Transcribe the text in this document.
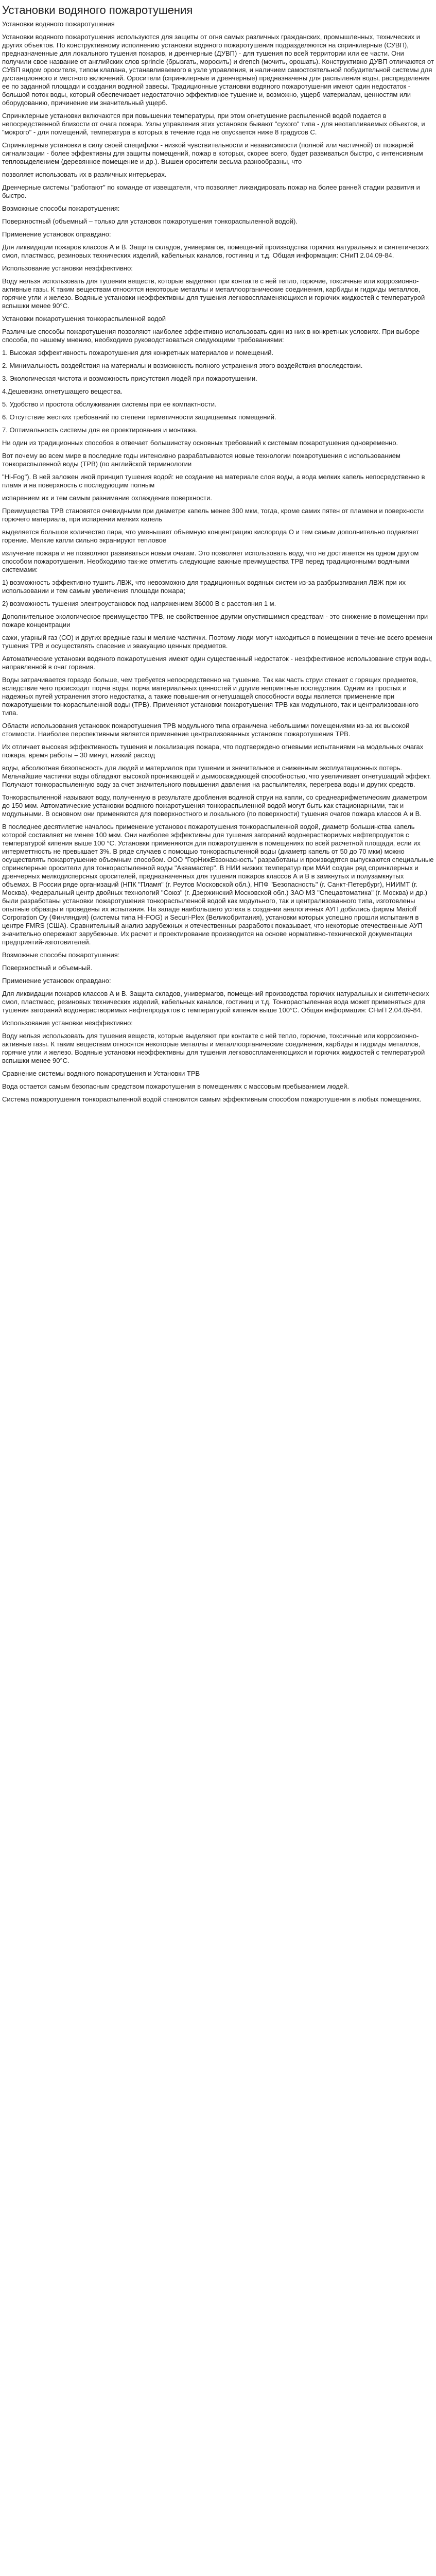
Установки водяного пожаротушения

Установки водяного пожаротушения

Установки водяного пожаротушения используются для защиты от огня самых различных гражданских, промышленных, технических и других объектов. По конструктивному исполнению установки водяного пожаротушения подразделяются на спринклерные (СУВП), предназначенные для локального тушения пожаров, и дренчерные (ДУВП) - для тушения по всей территории или ее части. Они получили свое название от английских слов sprincle (брызгать, моросить) и drench (мочить, орошать). Конструктивно ДУВП отличаются от СУВП видом оросителя, типом клапана, устанавливаемого в узле управления, и наличием самостоятельной побудительной системы для дистанционного и местного включений. Оросители (спринклерные и дренчерные) предназначены для распыления воды, распределения ее по заданной площади и создания водяной завесы. Традиционные установки водяного пожаротушения имеют один недостаток - большой поток воды, который обеспечивает недостаточно эффективное тушение и, возможно, ущерб материалам, ценностям или оборудованию, причинение им значительный ущерб.

Спринклерные установки включаются при повышении температуры, при этом огнетушение распыленной водой подается в непосредственной близости от очага пожара. Узлы управления этих установок бывают "сухого" типа - для неотапливаемых объектов, и "мокрого" - для помещений, температура в которых в течение года не опускается ниже 8 градусов С.

Спринклерные установки в силу своей специфики - низкой чувствительности и независимости (полной или частичной) от пожарной сигнализации - более эффективны для защиты помещений, пожар в которых, скорее всего, будет развиваться быстро, с интенсивным тепловыделением (деревянное помещение и др.). Вышеи оросители весьма разнообразны, что

позволяет использовать их в различных интерьерах.

Дренчерные системы "работают" по команде от извещателя, что позволяет ликвидировать пожар на более ранней стадии развития и быстро.

Возможные способы пожаротушения:

Поверхностный (объемный – только для установок пожаротушения тонкораспыленной водой).

Применение установок оправдано:

Для ликвидации пожаров классов А и В. Защита складов, универмагов, помещений производства горючих натуральных и синтетических смол, пластмасс, резиновых технических изделий, кабельных каналов, гостиниц и т.д. Общая информация: СНиП 2.04.09-84.

Использование установки неэффективно:

Воду нельзя использовать для тушения веществ, которые выделяют при контакте с ней тепло, горючие, токсичные или коррозионно-активные газы. К таким веществам относятся некоторые металлы и металлоорганические соединения, карбиды и гидриды металлов, горячие угли и железо. Водяные установки неэффективны для тушения легковоспламеняющихся и горючих жидкостей с температурой вспышки менее 90°С.

Установки пожаротушения тонкораспыленной водой

Различные способы пожаротушения позволяют наиболее эффективно использовать один из них в конкретных условиях. При выборе способа, по нашему мнению, необходимо руководствоваться следующими требованиями:

1. Высокая эффективность пожаротушения для конкретных материалов и помещений.

2. Минимальность воздействия на материалы и возможность полного устранения этого воздействия впоследствии.

3. Экологическая чистота и возможность присутствия людей при пожаротушении.

4.Дешевизна огнетушащего вещества.

5. Удобство и простота обслуживания системы при ее компактности.

6. Отсутствие жестких требований по степени герметичности защищаемых помещений.

7. Оптимальность системы для ее проектирования и монтажа.

Ни один из традиционных способов в отвечает большинству основных требований к системам пожаротушения одновременно.

Вот почему во всем мире в последние годы интенсивно разрабатываются новые технологии пожаротушения с использованием тонкораспыленной воды (ТРВ) (по английской терминологии

"Hi-Fog"). В ней заложен иной принцип тушения водой: не создание на материале слоя воды, а вода мелких капель непосредственно в пламя и на поверхность с последующим полным

испарением их и тем самым разнимание охлаждение поверхности.

Преимущества ТРВ становятся очевидными при диаметре капель менее 300 мкм, тогда, кроме самих пятен от пламени и поверхности горючего материала, при испарении мелких капель

выделяется большое количество пара, что уменьшает объемную концентрацию кислорода О и тем самым дополнительно подавляет горение. Мелкие капли сильно экранируют тепловое

излучение пожара и не позволяют развиваться новым очагам. Это позволяет использовать воду, что не достигается на одном другом способом пожаротушения. Необходимо так-же отметить следующие важные преимущества ТРВ перед традиционными водяными системами:

1) возможность эффективно тушить ЛВЖ, что невозможно для традиционных водяных систем из-за разбрызгивания ЛВЖ при их использовании и тем самым увеличения площади пожара;

2) возможность тушения электроустановок под напряжением 36000 В с расстояния 1 м.

Дополнительное экологическое преимущество ТРВ, не свойственное другим опустившимся средствам - это снижение в помещении при пожаре концентрации

сажи, угарный газ (СО) и других вредные газы и мелкие частички. Поэтому люди могут находиться в помещении в течение всего времени тушения ТРВ и осуществлять спасение и эвакуацию ценных предметов.

Автоматические установки водяного пожаротушения имеют один существенный недостаток - неэффективное использование струи воды, направленной в очаг горения.

Воды затрачивается гораздо больше, чем требуется непосредственно на тушение. Так как часть струи стекает с горящих предметов, вследствие чего происходит порча воды, порча материальных ценностей и другие неприятные последствия. Одним из простых и надежных путей устранения этого недостатка, а также повышения огнетушащей способности воды является применение при пожаротушении тонкораспыленной воды (ТРВ). Применяют установки пожаротушения ТРВ как модульного, так и централизованного типа.

Области использования установок пожаротушения ТРВ модульного типа ограничена небольшими помещениями из-за их высокой стоимости. Наиболее перспективным является применение централизованных установок пожаротушения ТРВ.

Их отличает высокая эффективность тушения и локализация пожара, что подтверждено огневыми испытаниями на модельных очагах пожара, время работы – 30 минут, низкий расход

воды, абсолютная безопасность для людей и материалов при тушении и значительное и сниженным эксплуатационных потерь. Мельчайшие частички воды обладают высокой проникающей и дымоосаждающей способностью, что увеличивает огнетушащий эффект. Получают тонкораспыленную воду за счет значительного повышения давления на распылителях, перегрева воды и других средств.

Тонкораспыленной называют воду, полученную в результате дробления водяной струи на капли, со среднеарифметическим диаметром до 150 мкм. Автоматические установки водяного пожаротушения тонкораспыленной водой могут быть как стационарными, так и модульными. В основном они применяются для поверхностного и локального (по поверхности) тушения очагов пожара классов А и В.

В последнее десятилетие началось применение установок пожаротушения тонкораспыленной водой, диаметр большинства капель которой составляет не менее 100 мкм. Они наиболее эффективны для тушения загораний водонерастворимых нефтепродуктов с температурой кипения выше 100 °С. Установки применяются для пожаротушения в помещениях по всей расчетной площади, если их интерметтность не превышает 3%. В ряде случаев с помощью тонкораспыленной воды (диаметр капель от 50 до 70 мкм) можно осуществлять пожаротушение объемным способом. ООО "ГорНижЕвзонасность" разработаны и производятся выпускаются специальные спринклерные оросители для тонкораспыленной воды "Аквамастер". В НИИ низких температур при МАИ создан ряд спринклерных и дренчерных мелкодисперсных оросителей, предназначенных для тушения пожаров классов А и В в замкнутых и полузамкнутых объемах. В России ряде организаций (НПК "Пламя" (г. Реутов Московской обл.), НПФ "Безопасность" (г. Санкт-Петербург), НИИМТ (г. Москва), Федеральный центр двойных технологий "Союз" (г. Дзержинский Московской обл.) ЗАО МЗ "Спецавтоматика" (г. Москва) и др.) были разработаны установки пожаротушения тонкораспыленной водой как модульного, так и централизованного типа, изготовлены опытные образцы и проведены их испытания. На западе наибольшего успеха в создании аналогичных АУП добились фирмы Marioff Corporation Oy (Финляндия) (системы типа Hi-FOG) и Securi-Plex (Великобритания), установки которых успешно прошли испытания в центре FMRS (США). Сравнительный анализ зарубежных и отечественных разработок показывает, что некоторые отечественные АУП значительно опережают зарубежные. Их расчет и проектирование производится на основе нормативно-технической документации предприятий-изготовителей.

Возможные способы пожаротушения:

Поверхностный и объемный.

Применение установок оправдано:

Для ликвидации пожаров классов А и В. Защита складов, универмагов, помещений производства горючих натуральных и синтетических смол, пластмасс, резиновых технических изделий, кабельных каналов, гостиниц и т.д. Тонкораспыленная вода может применяться для тушения загораний водонерастворимых нефтепродуктов с температурой кипения выше 100°С. Общая информация: СНиП 2.04.09-84.

Использование установки неэффективно:

Воду нельзя использовать для тушения веществ, которые выделяют при контакте с ней тепло, горючие, токсичные или коррозионно-активные газы. К таким веществам относятся некоторые металлы и металлоорганические соединения, карбиды и гидриды металлов, горячие угли и железо. Водяные установки неэффективны для тушения легковоспламеняющихся и горючих жидкостей с температурой вспышки менее 90°С.

Сравнение системы водяного пожаротушения и Установки ТРВ

Вода остается самым безопасным средством пожаротушения в помещениях с массовым пребыванием людей.

Система пожаротушения тонкораспыленной водой становится самым эффективным способом пожаротушения в любых помещениях.
